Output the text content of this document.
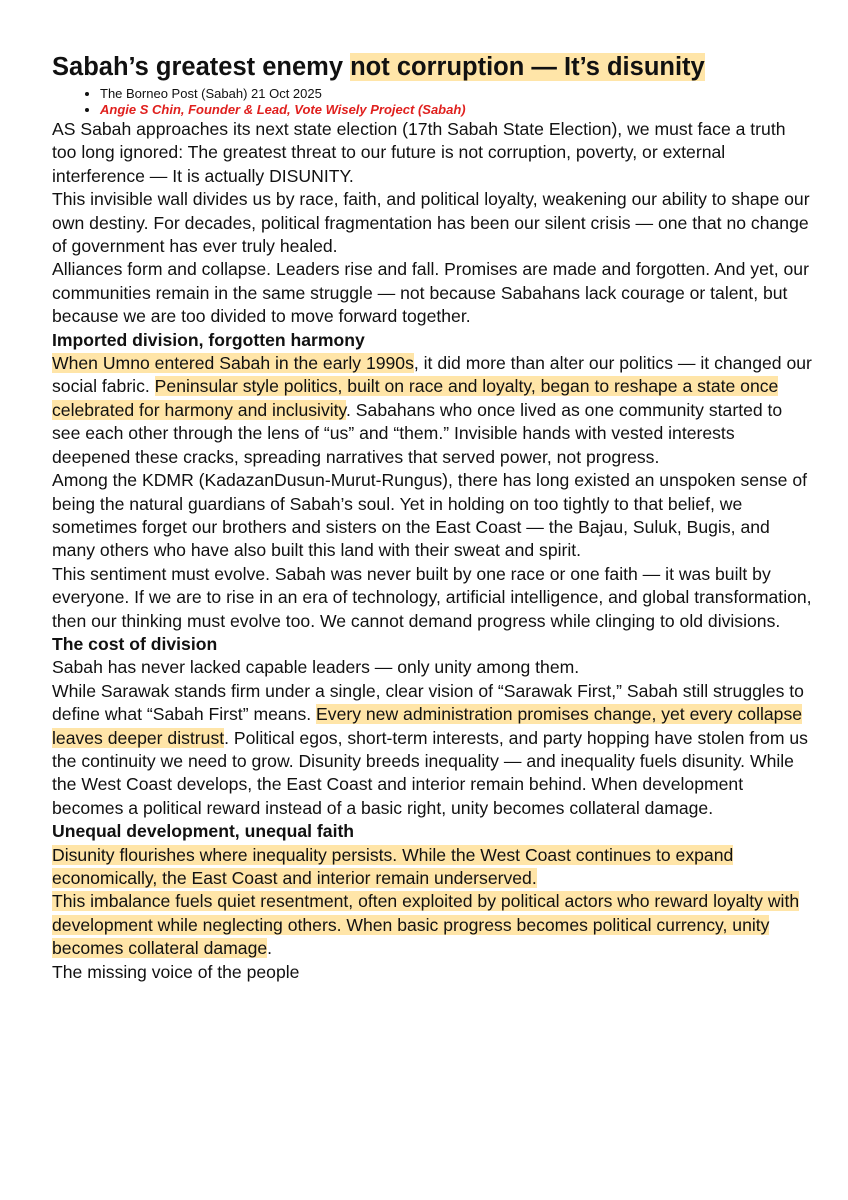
Sabah’s greatest enemy not corruption — It’s disunity
• The Borneo Post (Sabah) 21 Oct 2025
• Angie S Chin, Founder & Lead, Vote Wisely Project (Sabah)

AS Sabah approaches its next state election (17th Sabah State Election), we must face a truth too long ignored: The greatest threat to our future is not corruption, poverty, or external interference — It is actually DISUNITY.

This invisible wall divides us by race, faith, and political loyalty, weakening our ability to shape our own destiny. For decades, political fragmentation has been our silent crisis — one that no change of government has ever truly healed.

Alliances form and collapse. Leaders rise and fall. Promises are made and forgotten. And yet, our communities remain in the same struggle — not because Sabahans lack courage or talent, but because we are too divided to move forward together.

Imported division, forgotten harmony

When Umno entered Sabah in the early 1990s, it did more than alter our politics — it changed our social fabric. Peninsular style politics, built on race and loyalty, began to reshape a state once celebrated for harmony and inclusivity. Sabahans who once lived as one community started to see each other through the lens of “us” and “them.” Invisible hands with vested interests deepened these cracks, spreading narratives that served power, not progress.

Among the KDMR (KadazanDusun-Murut-Rungus), there has long existed an unspoken sense of being the natural guardians of Sabah’s soul. Yet in holding on too tightly to that belief, we sometimes forget our brothers and sisters on the East Coast — the Bajau, Suluk, Bugis, and many others who have also built this land with their sweat and spirit.

This sentiment must evolve. Sabah was never built by one race or one faith — it was built by everyone. If we are to rise in an era of technology, artificial intelligence, and global transformation, then our thinking must evolve too. We cannot demand progress while clinging to old divisions.

The cost of division

Sabah has never lacked capable leaders — only unity among them.

While Sarawak stands firm under a single, clear vision of “Sarawak First,” Sabah still struggles to define what “Sabah First” means. Every new administration promises change, yet every collapse leaves deeper distrust. Political egos, short-term interests, and party hopping have stolen from us the continuity we need to grow. Disunity breeds inequality — and inequality fuels disunity. While the West Coast develops, the East Coast and interior remain behind. When development becomes a political reward instead of a basic right, unity becomes collateral damage.

Unequal development, unequal faith

Disunity flourishes where inequality persists. While the West Coast continues to expand economically, the East Coast and interior remain underserved.

This imbalance fuels quiet resentment, often exploited by political actors who reward loyalty with development while neglecting others. When basic progress becomes political currency, unity becomes collateral damage.

The missing voice of the people
